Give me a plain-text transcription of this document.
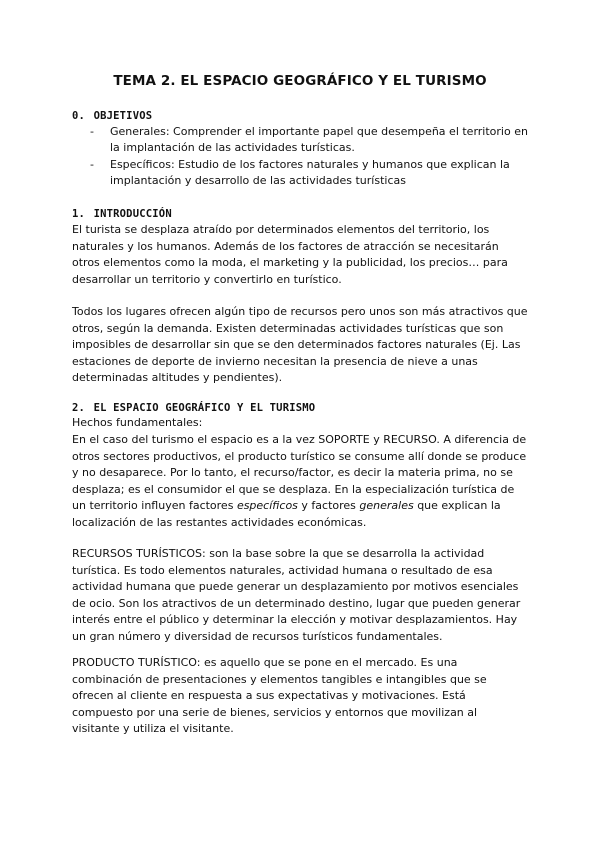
TEMA 2. EL ESPACIO GEOGRÁFICO Y EL TURISMO
0. OBJETIVOS
- Generales: Comprender el importante papel que desempeña el territorio en la implantación de las actividades turísticas.
- Específicos: Estudio de los factores naturales y humanos que explican la implantación y desarrollo de las actividades turísticas
1. INTRODUCCIÓN

El turista se desplaza atraído por determinados elementos del territorio, los naturales y los humanos. Además de los factores de atracción se necesitarán otros elementos como la moda, el marketing y la publicidad, los precios… para desarrollar un territorio y convertirlo en turístico.

Todos los lugares ofrecen algún tipo de recursos pero unos son más atractivos que otros, según la demanda. Existen determinadas actividades turísticas que son imposibles de desarrollar sin que se den determinados factores naturales (Ej. Las estaciones de deporte de invierno necesitan la presencia de nieve a unas determinadas altitudes y pendientes).

2. EL ESPACIO GEOGRÁFICO Y EL TURISMO

Hechos fundamentales:

En el caso del turismo el espacio es a la vez SOPORTE y RECURSO. A diferencia de otros sectores productivos, el producto turístico se consume allí donde se produce y no desaparece. Por lo tanto, el recurso/factor, es decir la materia prima, no se desplaza; es el consumidor el que se desplaza. En la especialización turística de un territorio influyen factores específicos y factores generales que explican la localización de las restantes actividades económicas.

RECURSOS TURÍSTICOS: son la base sobre la que se desarrolla la actividad turística. Es todo elementos naturales, actividad humana o resultado de esa actividad humana que puede generar un desplazamiento por motivos esenciales de ocio. Son los atractivos de un determinado destino, lugar que pueden generar interés entre el público y determinar la elección y motivar desplazamientos. Hay un gran número y diversidad de recursos turísticos fundamentales.

PRODUCTO TURÍSTICO: es aquello que se pone en el mercado. Es una combinación de presentaciones y elementos tangibles e intangibles que se ofrecen al cliente en respuesta a sus expectativas y motivaciones. Está compuesto por una serie de bienes, servicios y entornos que movilizan al visitante y utiliza el visitante.
